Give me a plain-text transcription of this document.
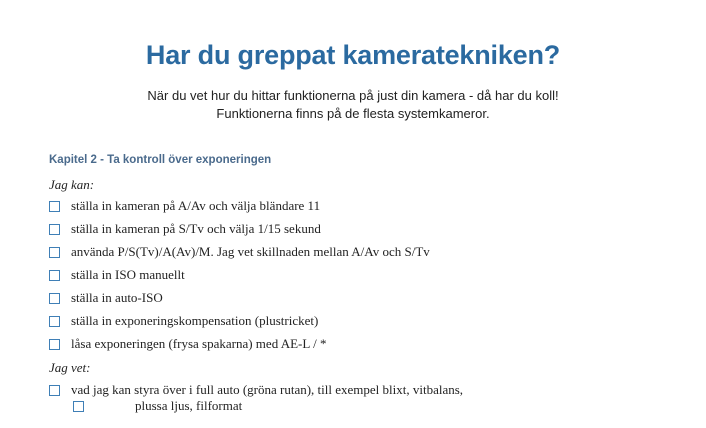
Har du greppat kameratekniken?
När du vet hur du hittar funktionerna på just din kamera - då har du koll!
Funktionerna finns på de flesta systemkameror.
Kapitel 2 - Ta kontroll över exponeringen
Jag kan:
ställa in kameran på A/Av och välja bländare 11
ställa in kameran på S/Tv och välja 1/15 sekund
använda P/S(Tv)/A(Av)/M. Jag vet skillnaden mellan A/Av och S/Tv
ställa in ISO manuellt
ställa in auto-ISO
ställa in exponeringskompensation (plustricket)
låsa exponeringen (frysa spakarna) med AE-L / *
Jag vet:
vad jag kan styra över i full auto (gröna rutan), till exempel blixt, vitbalans,
plussa ljus, filformat
